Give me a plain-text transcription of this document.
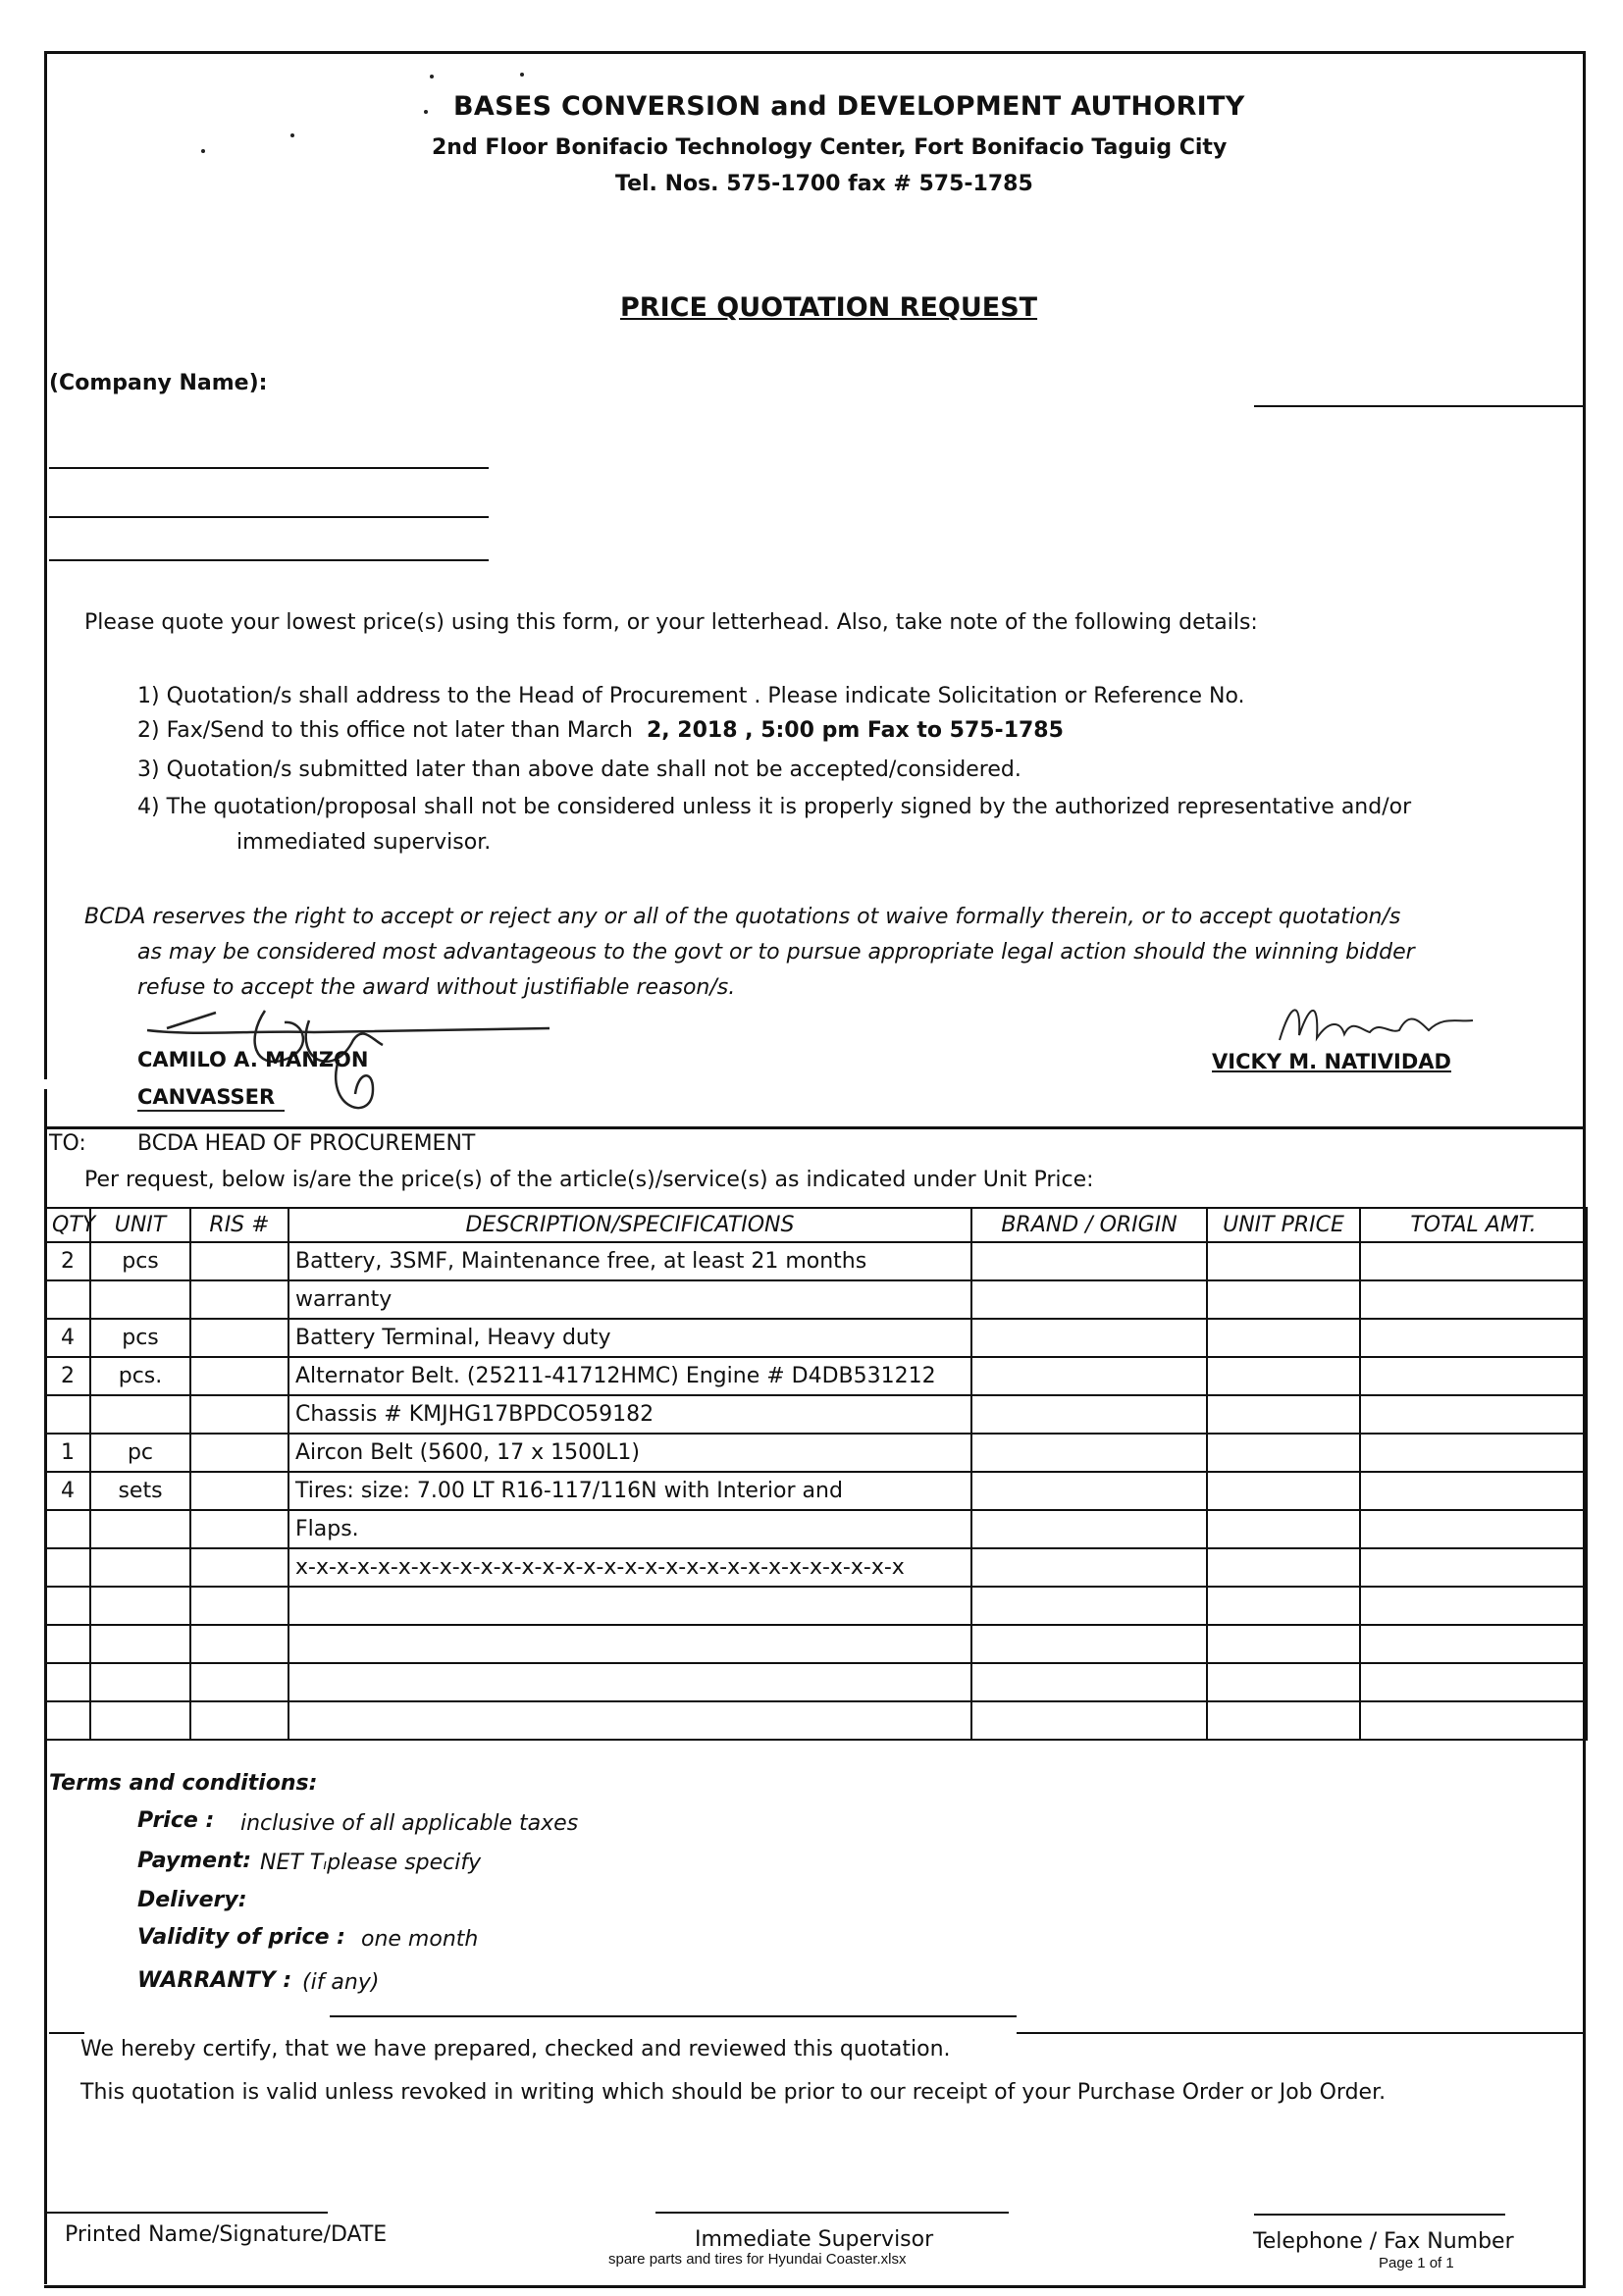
BASES CONVERSION and DEVELOPMENT AUTHORITY
2nd Floor Bonifacio Technology Center, Fort Bonifacio Taguig City
Tel. Nos. 575-1700 fax # 575-1785
PRICE QUOTATION REQUEST
(Company Name):
Please quote your lowest price(s) using this form, or your letterhead. Also, take note of the following details:
1) Quotation/s shall address to the Head of Procurement . Please indicate Solicitation or Reference No.
2) Fax/Send to this office not later than March 2, 2018 , 5:00 pm Fax to 575-1785
3) Quotation/s submitted later than above date shall not be accepted/considered.
4) The quotation/proposal shall not be considered unless it is properly signed by the authorized representative and/or
immediated supervisor.
BCDA reserves the right to accept or reject any or all of the quotations ot waive formally therein, or to accept quotation/s
as may be considered most advantageous to the govt or to pursue appropriate legal action should the winning bidder
refuse to accept the award without justifiable reason/s.
CAMILO A. MANZON
CANVASSER
VICKY M. NATIVIDAD
TO: BCDA HEAD OF PROCUREMENT
Per request, below is/are the price(s) of the article(s)/service(s) as indicated under Unit Price:
QTY	UNIT	RIS #	DESCRIPTION/SPECIFICATIONS	BRAND / ORIGIN	UNIT PRICE	TOTAL AMT.
2	pcs		Battery, 3SMF, Maintenance free, at least 21 months			
			warranty			
4	pcs		Battery Terminal, Heavy duty			
2	pcs.		Alternator Belt. (25211-41712HMC) Engine # D4DB531212			
			Chassis # KMJHG17BPDCO59182			
1	pc		Aircon Belt (5600, 17 x 1500L1)			
4	sets		Tires: size: 7.00 LT R16-117/116N with Interior and			
			Flaps.			
			x-x-x-x-x-x-x-x-x-x-x-x-x-x-x-x-x-x-x-x-x-x-x-x-x-x-x-x-x-x			

Terms and conditions:
Price : inclusive of all applicable taxes
Payment: NET Tıplease specify
Delivery:
Validity of price : one month
WARRANTY : (if any)
We hereby certify, that we have prepared, checked and reviewed this quotation.
This quotation is valid unless revoked in writing which should be prior to our receipt of your Purchase Order or Job Order.
Printed Name/Signature/DATE	Immediate Supervisor
spare parts and tires for Hyundai Coaster.xlsx
Telephone / Fax Number
Page 1 of 1
